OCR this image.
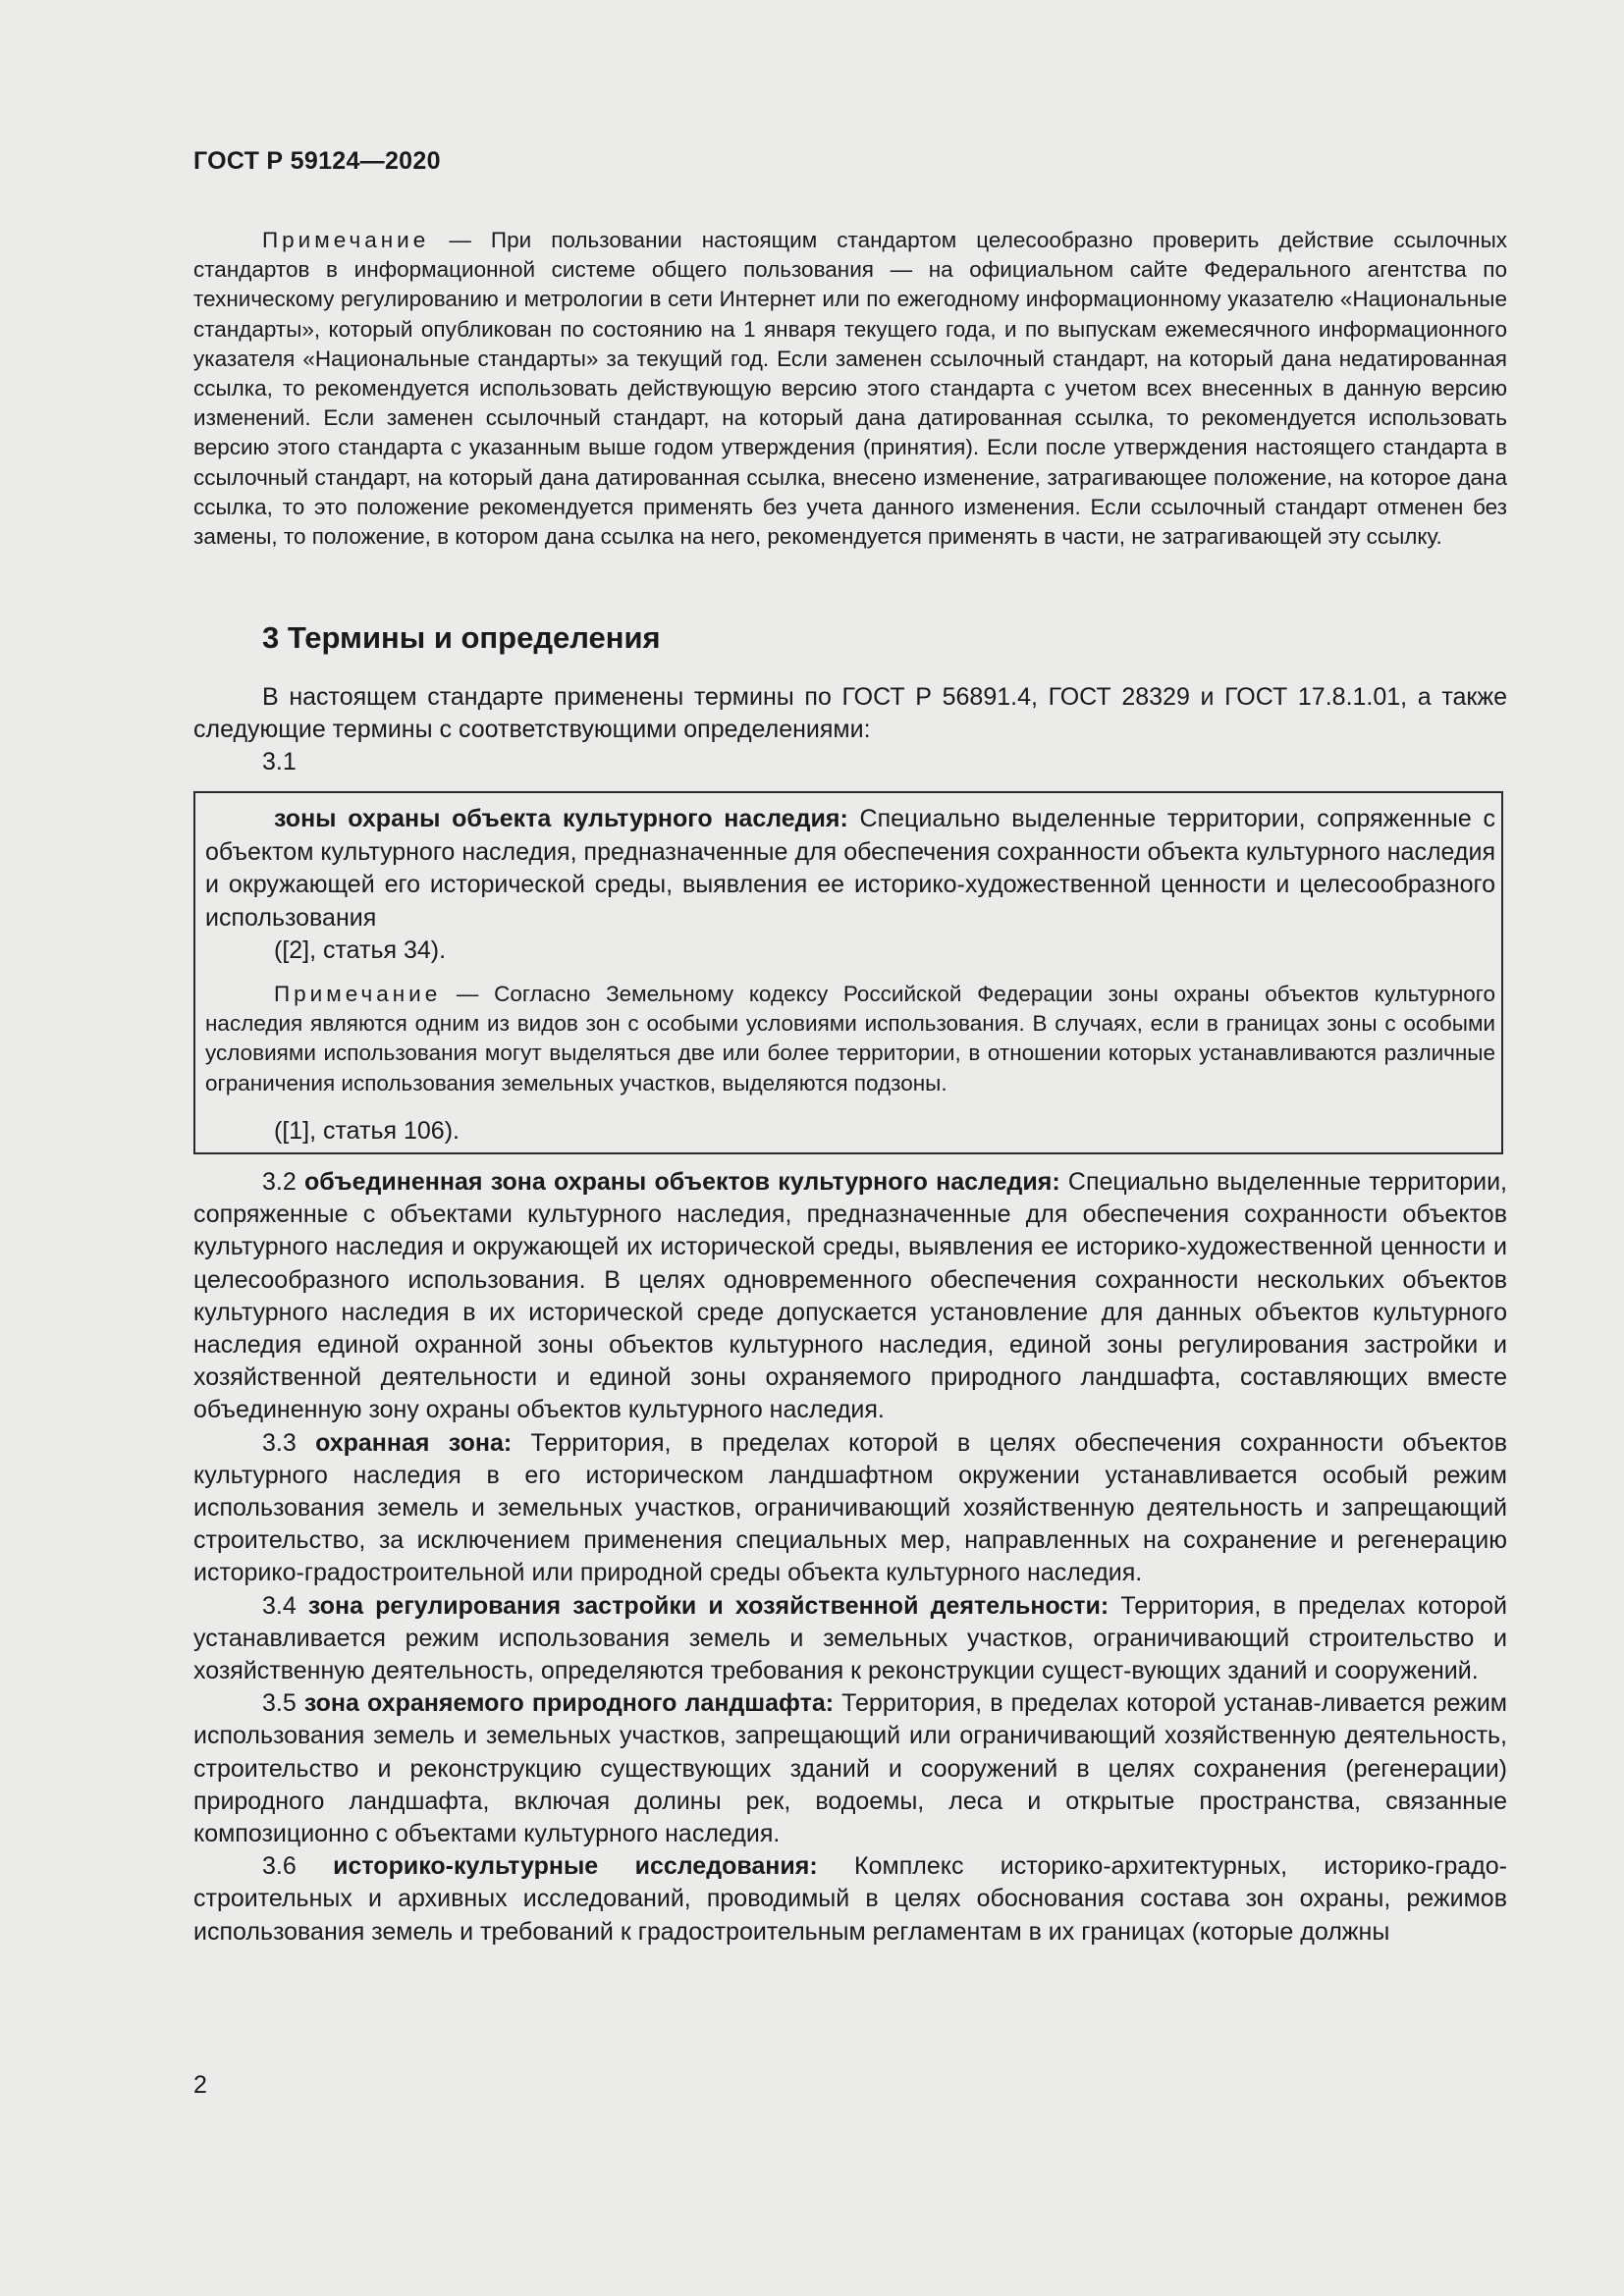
ГОСТ Р 59124—2020
Примечание — При пользовании настоящим стандартом целесообразно проверить действие ссылочных стандартов в информационной системе общего пользования — на официальном сайте Федерального агентства по техническому регулированию и метрологии в сети Интернет или по ежегодному информационному указателю «Национальные стандарты», который опубликован по состоянию на 1 января текущего года, и по выпускам ежемесячного информационного указателя «Национальные стандарты» за текущий год. Если заменен ссылочный стандарт, на который дана недатированная ссылка, то рекомендуется использовать действующую версию этого стандарта с учетом всех внесенных в данную версию изменений. Если заменен ссылочный стандарт, на который дана датированная ссылка, то рекомендуется использовать версию этого стандарта с указанным выше годом утверждения (принятия). Если после утверждения настоящего стандарта в ссылочный стандарт, на который дана датированная ссылка, внесено изменение, затрагивающее положение, на которое дана ссылка, то это положение рекомендуется применять без учета данного изменения. Если ссылочный стандарт отменен без замены, то положение, в котором дана ссылка на него, рекомендуется применять в части, не затрагивающей эту ссылку.
3 Термины и определения
В настоящем стандарте применены термины по ГОСТ Р 56891.4, ГОСТ 28329 и ГОСТ 17.8.1.01, а также следующие термины с соответствующими определениями:
3.1
зоны охраны объекта культурного наследия: Специально выделенные территории, сопряженные с объектом культурного наследия, предназначенные для обеспечения сохранности объекта культурного наследия и окружающей его исторической среды, выявления ее историко-художественной ценности и целесообразного использования
([2], статья 34).
Примечание — Согласно Земельному кодексу Российской Федерации зоны охраны объектов культурного наследия являются одним из видов зон с особыми условиями использования. В случаях, если в границах зоны с особыми условиями использования могут выделяться две или более территории, в отношении которых устанавливаются различные ограничения использования земельных участков, выделяются подзоны.
([1], статья 106).

3.2 объединенная зона охраны объектов культурного наследия: Специально выделенные территории, сопряженные с объектами культурного наследия, предназначенные для обеспечения сохранности объектов культурного наследия и окружающей их исторической среды, выявления ее историко-художественной ценности и целесообразного использования. В целях одновременного обеспечения сохранности нескольких объектов культурного наследия в их исторической среде допускается установление для данных объектов культурного наследия единой охранной зоны объектов культурного наследия, единой зоны регулирования застройки и хозяйственной деятельности и единой зоны охраняемого природного ландшафта, составляющих вместе объединенную зону охраны объектов культурного наследия.

3.3 охранная зона: Территория, в пределах которой в целях обеспечения сохранности объектов культурного наследия в его историческом ландшафтном окружении устанавливается особый режим использования земель и земельных участков, ограничивающий хозяйственную деятельность и запрещающий строительство, за исключением применения специальных мер, направленных на сохранение и регенерацию историко-градостроительной или природной среды объекта культурного наследия.

3.4 зона регулирования застройки и хозяйственной деятельности: Территория, в пределах которой устанавливается режим использования земель и земельных участков, ограничивающий строительство и хозяйственную деятельность, определяются требования к реконструкции сущест-вующих зданий и сооружений.

3.5 зона охраняемого природного ландшафта: Территория, в пределах которой устанав-ливается режим использования земель и земельных участков, запрещающий или ограничивающий хозяйственную деятельность, строительство и реконструкцию существующих зданий и сооружений в целях сохранения (регенерации) природного ландшафта, включая долины рек, водоемы, леса и открытые пространства, связанные композиционно с объектами культурного наследия.

3.6 историко-культурные исследования: Комплекс историко-архитектурных, историко-градо-строительных и архивных исследований, проводимый в целях обоснования состава зон охраны, режимов использования земель и требований к градостроительным регламентам в их границах (которые должны

2
